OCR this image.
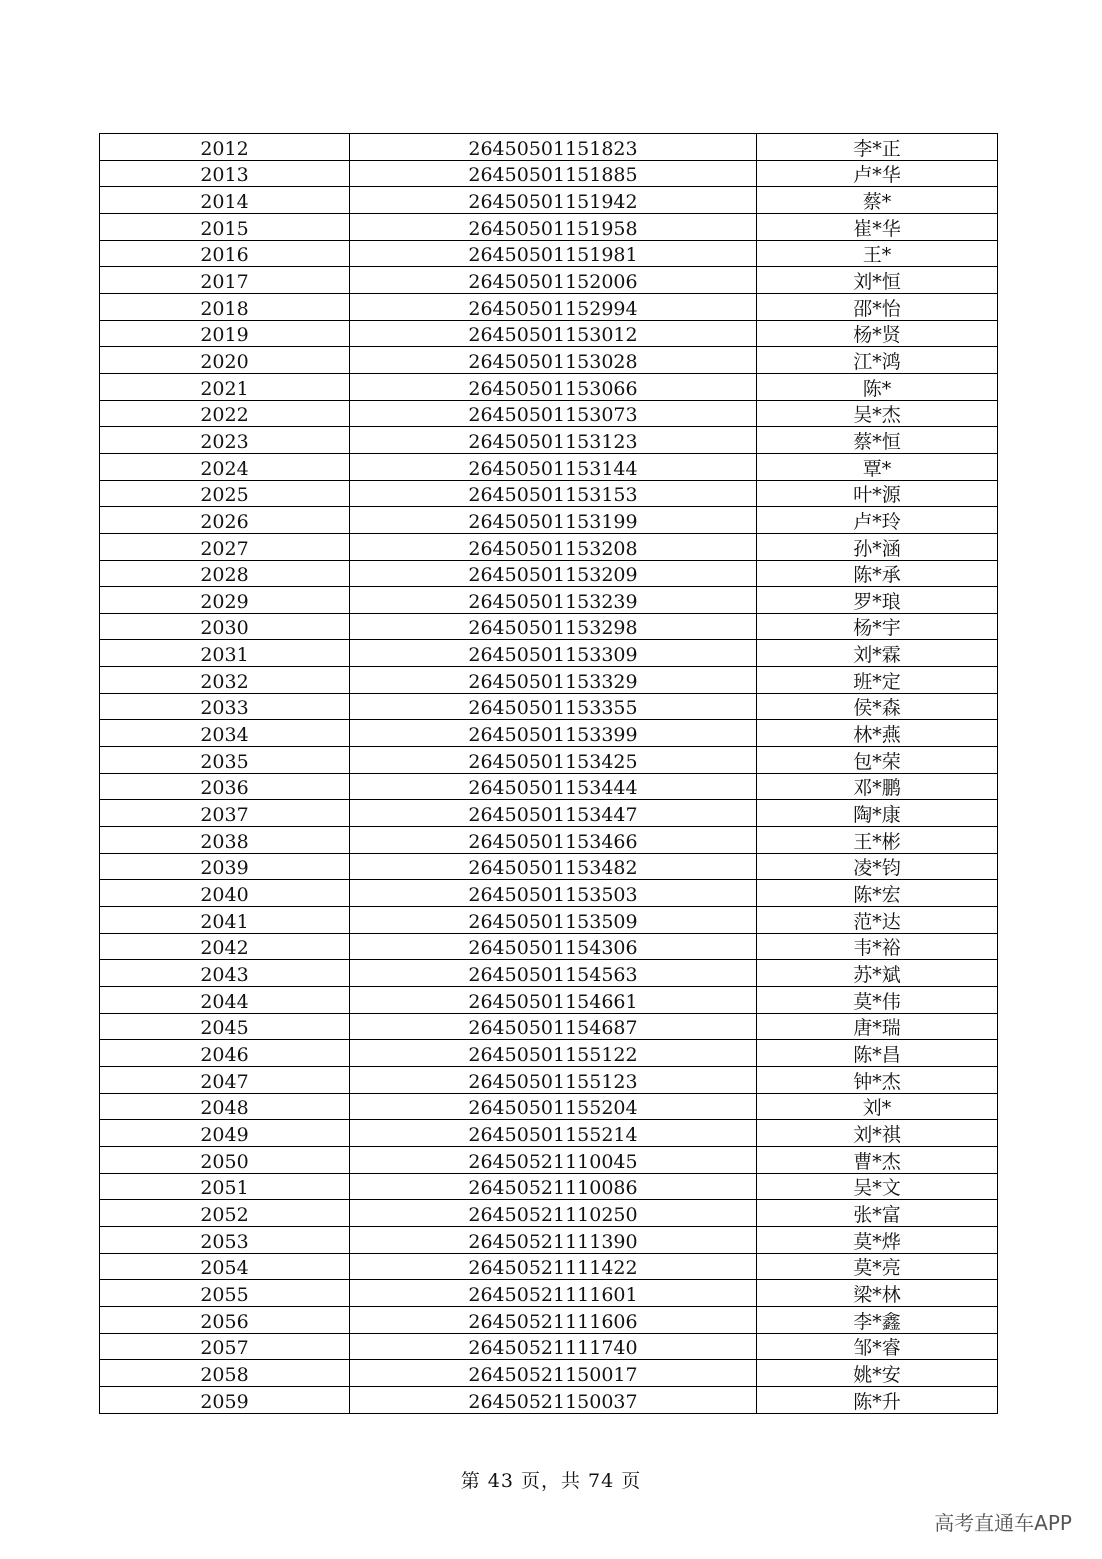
2012	26450501151823	李*正
2013	26450501151885	卢*华
2014	26450501151942	蔡*
2015	26450501151958	崔*华
2016	26450501151981	王*
2017	26450501152006	刘*恒
2018	26450501152994	邵*怡
2019	26450501153012	杨*贤
2020	26450501153028	江*鸿
2021	26450501153066	陈*
2022	26450501153073	吴*杰
2023	26450501153123	蔡*恒
2024	26450501153144	覃*
2025	26450501153153	叶*源
2026	26450501153199	卢*玲
2027	26450501153208	孙*涵
2028	26450501153209	陈*承
2029	26450501153239	罗*琅
2030	26450501153298	杨*宇
2031	26450501153309	刘*霖
2032	26450501153329	班*定
2033	26450501153355	侯*森
2034	26450501153399	林*燕
2035	26450501153425	包*荣
2036	26450501153444	邓*鹏
2037	26450501153447	陶*康
2038	26450501153466	王*彬
2039	26450501153482	凌*钧
2040	26450501153503	陈*宏
2041	26450501153509	范*达
2042	26450501154306	韦*裕
2043	26450501154563	苏*斌
2044	26450501154661	莫*伟
2045	26450501154687	唐*瑞
2046	26450501155122	陈*昌
2047	26450501155123	钟*杰
2048	26450501155204	刘*
2049	26450501155214	刘*祺
2050	26450521110045	曹*杰
2051	26450521110086	吴*文
2052	26450521110250	张*富
2053	26450521111390	莫*烨
2054	26450521111422	莫*亮
2055	26450521111601	梁*林
2056	26450521111606	李*鑫
2057	26450521111740	邹*睿
2058	26450521150017	姚*安
2059	26450521150037	陈*升
第 43 页，共 74 页
高考直通车APP
